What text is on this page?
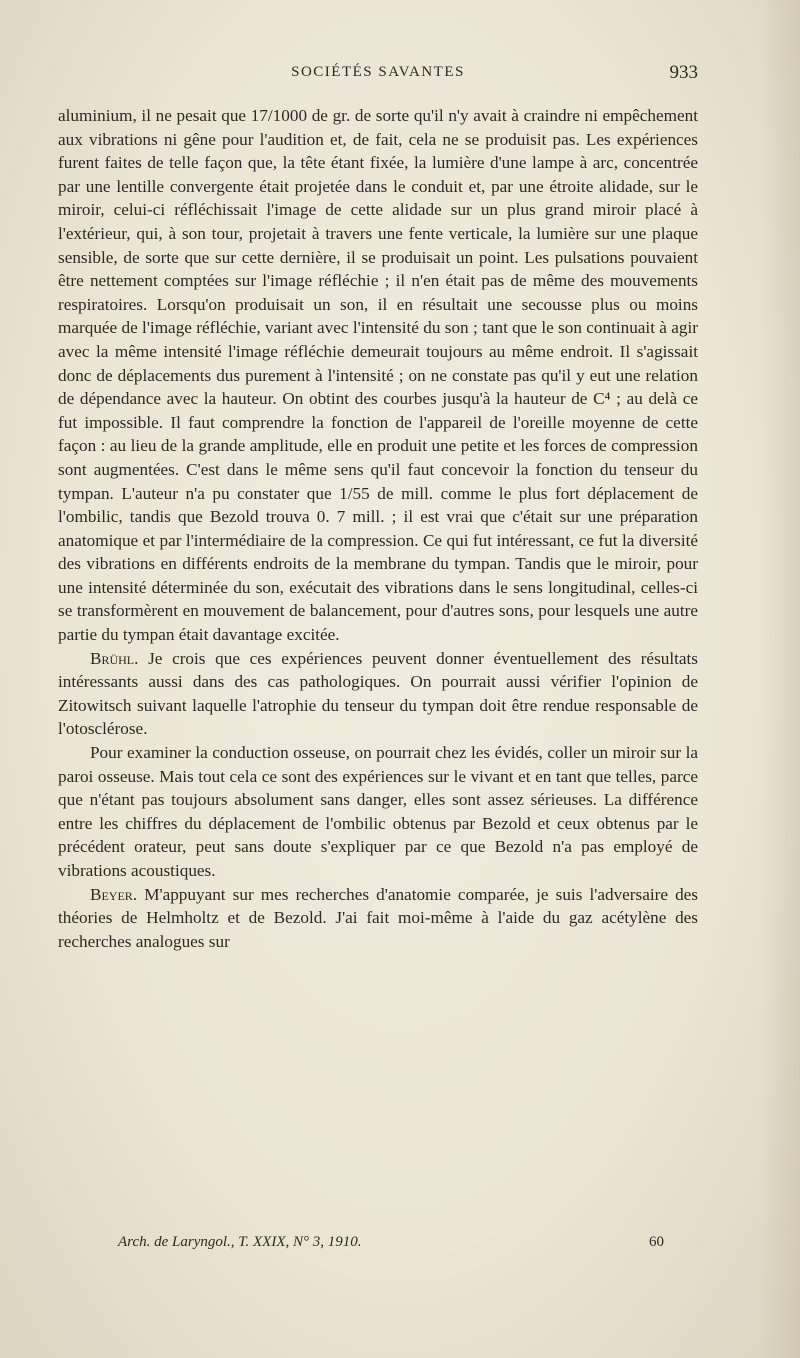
SOCIÉTÉS SAVANTES	933

aluminium, il ne pesait que 17/1000 de gr. de sorte qu'il n'y avait à craindre ni empêchement aux vibrations ni gêne pour l'audition et, de fait, cela ne se produisit pas. Les expériences furent faites de telle façon que, la tête étant fixée, la lumière d'une lampe à arc, concentrée par une lentille convergente était projetée dans le conduit et, par une étroite alidade, sur le miroir, celui-ci réfléchissait l'image de cette alidade sur un plus grand miroir placé à l'extérieur, qui, à son tour, projetait à travers une fente verticale, la lumière sur une plaque sensible, de sorte que sur cette dernière, il se produisait un point. Les pulsations pouvaient être nettement comptées sur l'image réfléchie ; il n'en était pas de même des mouvements respiratoires. Lorsqu'on produisait un son, il en résultait une secousse plus ou moins marquée de l'image réfléchie, variant avec l'intensité du son ; tant que le son continuait à agir avec la même intensité l'image réfléchie demeurait toujours au même endroit. Il s'agissait donc de déplacements dus purement à l'intensité ; on ne constate pas qu'il y eut une relation de dépendance avec la hauteur. On obtint des courbes jusqu'à la hauteur de C⁴ ; au delà ce fut impossible. Il faut comprendre la fonction de l'appareil de l'oreille moyenne de cette façon : au lieu de la grande amplitude, elle en produit une petite et les forces de compression sont augmentées. C'est dans le même sens qu'il faut concevoir la fonction du tenseur du tympan. L'auteur n'a pu constater que 1/55 de mill. comme le plus fort déplacement de l'ombilic, tandis que Bezold trouva 0. 7 mill. ; il est vrai que c'était sur une préparation anatomique et par l'intermédiaire de la compression. Ce qui fut intéressant, ce fut la diversité des vibrations en différents endroits de la membrane du tympan. Tandis que le miroir, pour une intensité déterminée du son, exécutait des vibrations dans le sens longitudinal, celles-ci se transformèrent en mouvement de balancement, pour d'autres sons, pour lesquels une autre partie du tympan était davantage excitée.

Brühl. Je crois que ces expériences peuvent donner éventuellement des résultats intéressants aussi dans des cas pathologiques. On pourrait aussi vérifier l'opinion de Zitowitsch suivant laquelle l'atrophie du tenseur du tympan doit être rendue responsable de l'otosclérose.

Pour examiner la conduction osseuse, on pourrait chez les évidés, coller un miroir sur la paroi osseuse. Mais tout cela ce sont des expériences sur le vivant et en tant que telles, parce que n'étant pas toujours absolument sans danger, elles sont assez sérieuses. La différence entre les chiffres du déplacement de l'ombilic obtenus par Bezold et ceux obtenus par le précédent orateur, peut sans doute s'expliquer par ce que Bezold n'a pas employé de vibrations acoustiques.

Beyer. M'appuyant sur mes recherches d'anatomie comparée, je suis l'adversaire des théories de Helmholtz et de Bezold. J'ai fait moi-même à l'aide du gaz acétylène des recherches analogues sur

Arch. de Laryngol., T. XXIX, N° 3, 1910.	60
